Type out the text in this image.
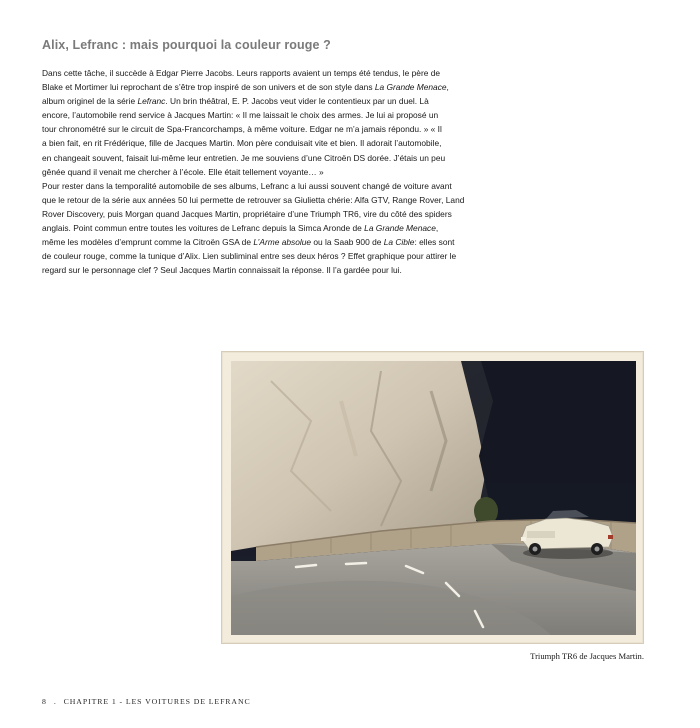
Alix, Lefranc : mais pourquoi la couleur rouge ?
Dans cette tâche, il succède à Edgar Pierre Jacobs. Leurs rapports avaient un temps été tendus, le père de
Blake et Mortimer lui reprochant de s’être trop inspiré de son univers et de son style dans La Grande Menace,
album originel de la série Lefranc. Un brin théâtral, E. P. Jacobs veut vider le contentieux par un duel. Là
encore, l’automobile rend service à Jacques Martin: « Il me laissait le choix des armes. Je lui ai proposé un
tour chronométré sur le circuit de Spa-Francorchamps, à même voiture. Edgar ne m’a jamais répondu. » « Il
a bien fait, en rit Frédérique, fille de Jacques Martin. Mon père conduisait vite et bien. Il adorait l’automobile,
en changeait souvent, faisait lui-même leur entretien. Je me souviens d’une Citroën DS dorée. J’étais un peu
gênée quand il venait me chercher à l’école. Elle était tellement voyante… »
Pour rester dans la temporalité automobile de ses albums, Lefranc a lui aussi souvent changé de voiture avant
que le retour de la série aux années 50 lui permette de retrouver sa Giulietta chérie: Alfa GTV, Range Rover, Land
Rover Discovery, puis Morgan quand Jacques Martin, propriétaire d’une Triumph TR6, vire du côté des spiders
anglais. Point commun entre toutes les voitures de Lefranc depuis la Simca Aronde de La Grande Menace,
même les modèles d’emprunt comme la Citroën GSA de L’Arme absolue ou la Saab 900 de La Cible: elles sont
de couleur rouge, comme la tunique d’Alix. Lien subliminal entre ses deux héros ? Effet graphique pour attirer le
regard sur le personnage clef ? Seul Jacques Martin connaissait la réponse. Il l’a gardée pour lui.

Triumph TR6 de Jacques Martin.

8 . CHAPITRE 1 - LES VOITURES DE LEFRANC
